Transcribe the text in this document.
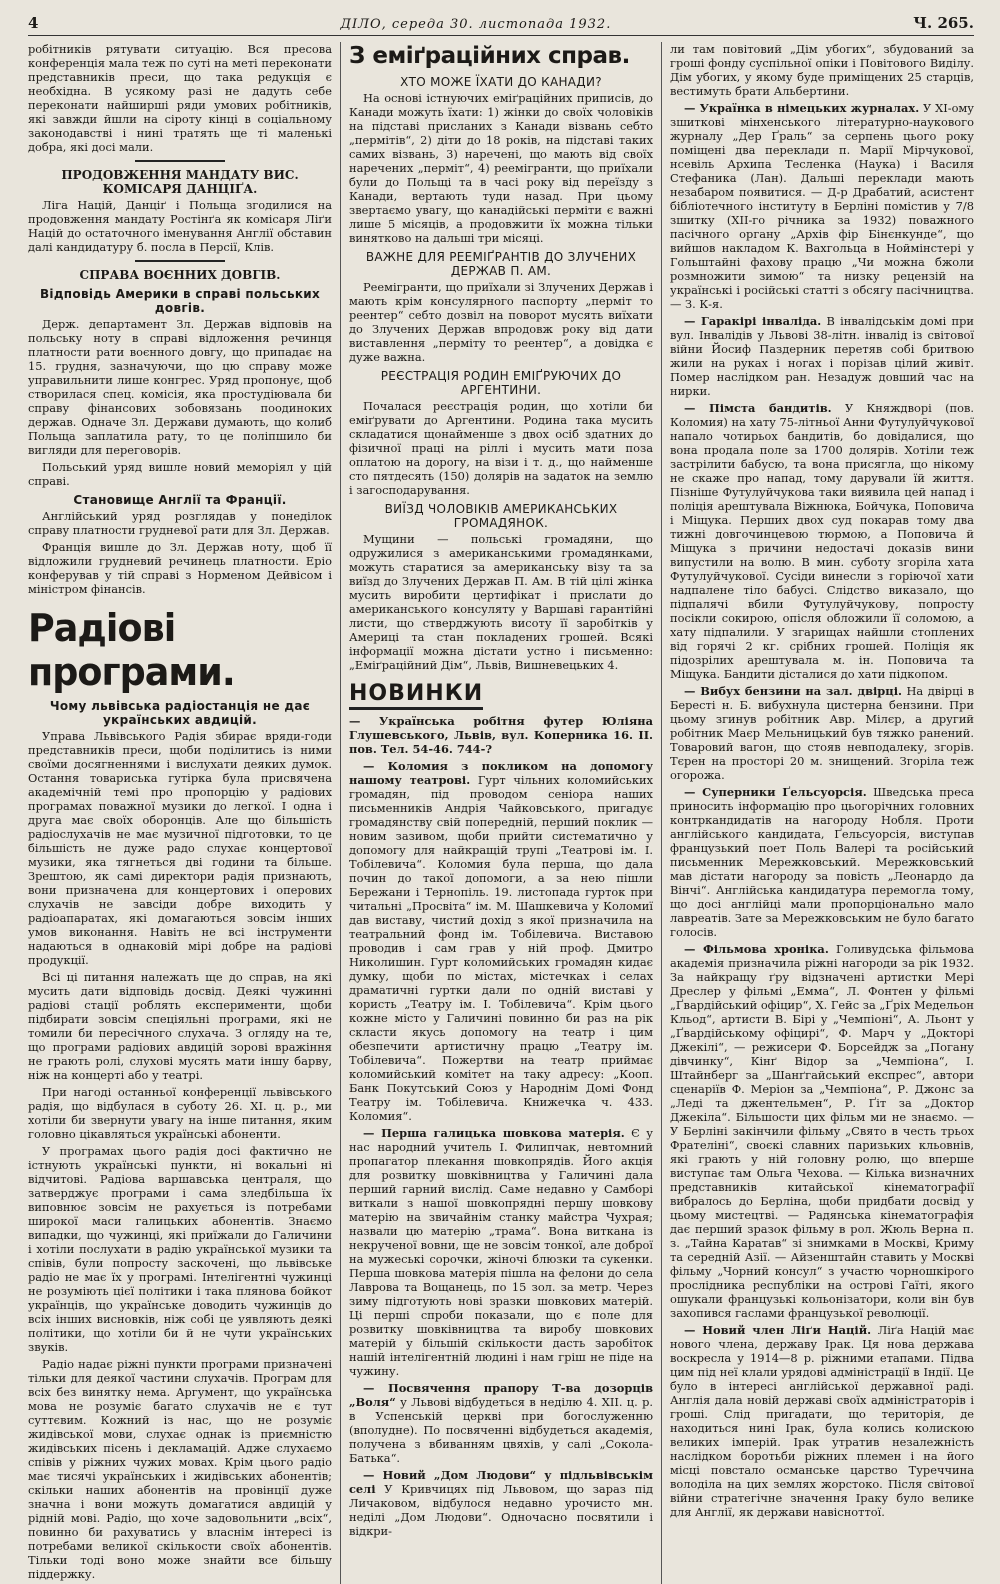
4	ДІЛО, середа 30. листопада 1932.	Ч. 265.

робітників рятувати ситуацію. Вся пресова конференція мала теж по суті на меті переконати представників преси, що така редукція є необхідна. В усякому разі не дадуть себе переконати найширші ряди умових робітників, які завжди йшли на сіроту кінці в соціальному законодавстві і нині тратять ще ті маленькі добра, які досі мали.

ПРОДОВЖЕННЯ МАНДАТУ ВИС. КОМІСАРЯ ДАНЦІҐА.

Ліга Націй, Данціґ і Польща згодилися на продовження мандату Ростінґа як комісаря Ліґи Націй до остаточного іменування Англії обставин далі кандидатуру б. посла в Персії, Клів.

СПРАВА ВОЄННИХ ДОВГІВ.
Відповідь Америки в справі польських довгів.

Держ. департамент Зл. Держав відповів на польську ноту в справі відложення речинця платности рати воєнного довгу, що припадає на 15. грудня, зазначуючи, що цю справу може управильнити лише конгрес. Уряд пропонує, щоб створилася спец. комісія, яка простудіювала би справу фінансових зобовязань поодиноких держав. Одначе Зл. Держави думають, що колиб Польща заплатила рату, то це поліпшило би вигляди для переговорів.

Польський уряд вишле новий меморіял у цій справі.

Становище Англії та Франції.

Англійський уряд розглядав у понеділок справу платности грудневої рати для Зл. Держав.

Франція вишле до Зл. Держав ноту, щоб її відложили грудневий речинець платности. Еріо конферував у тій справі з Норменом Дейвісом і міністром фінансів.

Радіові програми.
Чому львівська радіостанція не дає українських авдицій.

Управа Львівського Радія збирає вряди-годи представників преси, щоби поділитись із ними своїми досягненнями і вислухати деяких думок. Остання товариська гутірка була присвячена академічній темі про пропорцію у радіових програмах поважної музики до легкої. І одна і друга має своїх оборонців. Але що більшість радіослухачів не має музичної підготовки, то це більшість не дуже радо слухає концертової музики, яка тягнеться дві години та більше. Зрештою, як самі директори радія признають, вони призначена для концертових і оперових слухачів не завсіди добре виходить у радіоапаратах, які домагаються зовсім інших умов виконання. Навіть не всі інструменти надаються в однаковій мірі добре на радіові продукції.

Всі ці питання належать ще до справ, на які мусить дати відповідь досвід. Деякі чужинні радіові стації роблять експерименти, щоби підбирати зовсім спеціяльні програми, які не томили би пересічного слухача. З огляду на те, що програми радіових авдицій зорові вражіння не грають ролі, слухові мусять мати іншу барву, ніж на концерті або у театрі.

При нагоді останньої конференції львівського радія, що відбулася в суботу 26. XI. ц. р., ми хотіли би звернути увагу на інше питання, яким головно цікавляться українські абоненти.

У програмах цього радія досі фактично не істнують українські пункти, ні вокальні ні відчитові. Радіова варшавська централя, що затверджує програми і сама зледбільша їх виповнює зовсім не рахується із потребами широкої маси галицьких абонентів. Знаємо випадки, що чужинці, які приїжали до Галичини і хотіли послухати в радію української музики та співів, були попросту заскочені, що львівське радіо не має їх у програмі. Інтелігентні чужинці не розуміють цієї політики і така плянова бойкот українців, що українське доводить чужинців до всіх інших висновків, ніж собі це уявляють деякі політики, що хотіли би й не чути українських звуків.

Радіо надає ріжні пункти програми призначені тільки для деякої частини слухачів. Програм для всіх без винятку нема. Аргумент, що українська мова не розуміє багато слухачів не є тут суттєвим. Кожний із нас, що не розуміє жидівської мови, слухає однак із приємністю жидівських пісень і декламацій. Адже слухаємо співів у ріжних чужих мовах. Крім цього радіо має тисячі українських і жидівських абонентів; скільки наших абонентів на провінції дуже значна і вони можуть домагатися авдицій у рідній мові. Радіо, що хоче задовольнити „всіх“, повинно би рахуватись у власнім інтересі із потребами великої скількости своїх абонентів. Тільки тоді воно може знайти все більшу піддержку.

З еміґраційних справ.
ХТО МОЖЕ ЇХАТИ ДО КАНАДИ?

На основі істнуючих еміґраційних приписів, до Канади можуть їхати: 1) жінки до своїх чоловіків на підставі присланих з Канади візвань себто „пермітів“, 2) діти до 18 років, на підставі таких самих візвань, 3) наречені, що мають від своїх наречених „перміт“, 4) реемігранти, що приїхали були до Польщі та в часі року від переїзду з Канади, вертають туди назад. При цьому звертаємо увагу, що канадійські перміти є важні лише 5 місяців, а продовжити їх можна тільки винятково на дальші три місяці.

ВАЖНЕ ДЛЯ РЕЕМІҐРАНТІВ ДО ЗЛУЧЕНИХ ДЕРЖАВ П. АМ.

Реемігранти, що приїхали зі Злучених Держав і мають крім консулярного паспорту „перміт то реентер“ себто дозвіл на поворот мусять виїхати до Злучених Держав впродовж року від дати виставлення „перміту то реентер“, а довідка є дуже важна.

РЕЄСТРАЦІЯ РОДИН ЕМІҐРУЮЧИХ ДО АРГЕНТИНИ.

Почалася реєстрація родин, що хотіли би еміґрувати до Аргентини. Родина така мусить складатися щонайменше з двох осіб здатних до фізичної праці на ріллі і мусить мати поза оплатою на дорогу, на візи і т. д., що найменше сто пятдесять (150) долярів на задаток на землю і загосподарування.

ВИЇЗД ЧОЛОВІКІВ АМЕРИКАНСЬКИХ ГРОМАДЯНОК.

Мущини — польські громадяни, що одружилися з американськими громадянками, можуть старатися за американську візу та за виїзд до Злучених Держав П. Ам. В тій цілі жінка мусить виробити цертифікат і прислати до американського консуляту у Варшаві гарантійні листи, що стверджують висоту її заробітків у Америці та стан покладених грошей. Всякі інформації можна дістати устно і письменно: „Еміґраційний Дім“, Львів, Вишневецьких 4.

НОВИНКИ

— Українська робітня футер Юліяна Глушевського, Львів, вул. Коперника 16. II. пов. Тел. 54-46. 744-?

— Коломия з покликом на допомогу нашому театрові. Гурт чільних коломийських громадян, під проводом сеніора наших письменників Андрія Чайковського, пригадує громадянству свій попередній, перший поклик — новим зазивом, щоби прийти систематично у допомогу для найкращій трупі „Театрові ім. І. Тобілевича“. Коломия була перша, що дала почин до такої допомоги, а за нею пішли Бережани і Тернопіль. 19. листопада гурток при читальні „Просвіта“ ім. М. Шашкевича у Коломиї дав виставу, чистий дохід з якої призначила на театральний фонд ім. Тобілевича. Виставою проводив і сам грав у ній проф. Дмитро Николишин. Гурт коломийських громадян кидає думку, щоби по містах, містечках і селах драматичні гуртки дали по одній виставі у користь „Театру ім. І. Тобілевича“. Крім цього кожне місто у Галичині повинно би раз на рік скласти якусь допомогу на театр і цим обезпечити артистичну працю „Театру ім. Тобілевича“. Пожертви на театр приймає коломийський комітет на таку адресу: „Кооп. Банк Покутський Союз у Народнім Домі Фонд Театру ім. Тобілевича. Книжечка ч. 433. Коломия“.

— Перша галицька шовкова матерія. Є у нас народний учитель І. Филипчак, невтомний пропагатор плекання шовкопрядів. Його акція для розвитку шовківництва у Галичині дала перший гарний вислід. Саме недавно у Самборі виткали з нашої шовкопрядні першу шовкову матерію на звичайнім станку майстра Чухрая; назвали цю матерію „трама“. Вона виткана із некрученої вовни, ще не зовсім тонкої, але доброї на мужеські сорочки, жіночі блюзки та сукенки. Перша шовкова матерія пішла на фелони до села Лаврова та Вощанець, по 15 зол. за метр. Через зиму підготують нові зразки шовкових матерій. Ці перші спроби показали, що є поле для розвитку шовківництва та виробу шовкових матерій у більшій скількости дасть заробіток нашій інтелігентній людині і нам гріш не піде на чужину.

— Посвячення прапору Т-ва дозорців „Воля“ у Львові відбудеться в неділю 4. XII. ц. р. в Успенській церкві при богослуженню (вполудне). По посвяченні відбудеться академія, получена з вбиванням цвяхів, у салі „Сокола-Батька“.

— Новий „Дом Людови“ у підльвівськім селі У Кривчицях під Львовом, що зараз під Личаковом, відбулося недавно урочисто мн. неділі „Дом Людови“. Одночасно посвятили і відкри-

ли там повітовий „Дім убогих“, збудований за гроші фонду суспільної опіки і Повітового Виділу. Дім убогих, у якому буде приміщених 25 старців, вестимуть брати Альбертини.

— Українка в німецьких журналах. У XI-ому зшиткові мінхенського літературно-наукового журналу „Дер Ґраль“ за серпень цього року поміщені два переклади п. Марії Мірчукової, нсевіль Архипа Тесленка (Наука) і Василя Стефаника (Лан). Дальші переклади мають незабаром появитися. — Д-р Драбатий, асистент бібліотечного інституту в Берліні помістив у 7/8 зшитку (XII-го річника за 1932) поважного пасічного органу „Архів фір Бінєнкунде“, що вийшов накладом К. Вахгольца в Ноймінстері у Гольштайні фахову працю „Чи можна бжоли розмножити зимою“ та низку рецензій на українські і російські статті з обсягу пасічництва. — З. К-я.

— Гаракірі інваліда. В інвалідськім домі при вул. Інвалідів у Львові 38-літн. інвалід із світової війни Йосиф Паздерник перетяв собі бритвою жили на руках і ногах і порізав цілий живіт. Помер наслідком ран. Незадуж довший час на нирки.

— Пімста бандитів. У Княждворі (пов. Коломия) на хату 75-літньої Анни Футулуйчукової напало чотирьох бандитів, бо довідалися, що вона продала поле за 1700 долярів. Хотіли теж застрілити бабусю, та вона присягла, що нікому не скаже про напад, тому дарували їй життя. Пізніше Футулуйчукова таки виявила цей напад і поліція арештувала Віжнюка, Бойчука, Поповича і Міщука. Перших двох суд покарав тому два тижні довгочинцевою тюрмою, а Поповича й Міщука з причини недостачі доказів вини випустили на волю. В мин. суботу згоріла хата Футулуйчукової. Сусіди винесли з горіючої хати надпалене тіло бабусі. Слідство виказало, що підпалячі вбили Футулуйчукову, попросту посікли сокирою, опісля обложили її соломою, а хату підпалили. У згарищах найшли стоплених від горячі 2 кг. срібних грошей. Поліція як підозрілих арештувала м. ін. Поповича та Міщука. Бандити дісталися до хати підкопом.

— Вибух бензини на зал. двірці. На двірці в Бересті н. Б. вибухнула цистерна бензини. При цьому згинув робітник Авр. Мілєр, а другий робітник Маєр Мельницький був тяжко ранений. Товаровий вагон, що стояв невподалеку, згорів. Тєрен на просторі 20 м. знищений. Згоріла теж огорожа.

— Суперники Ґельсуорсія. Шведська преса приносить інформацію про цьогорічних головних контркандидатів на нагороду Нобля. Проти англійського кандидата, Ґельсуорсія, виступав французький поет Поль Валері та російський письменник Мережковський. Мережковський мав дістати нагороду за повість „Леонардо да Вінчі“. Англійська кандидатура перемогла тому, що досі англійці мали пропорціонально мало лавреатів. Зате за Мережковським не було багато голосів.

— Фільмова хроніка. Голивудська фільмова академія призначила ріжні нагороди за рік 1932. За найкращу ґру відзначені артистки Мері Дреслер у фільмі „Емма“, Л. Фонтен у фільмі „Ґвардійський офіцир“, Х. Гейс за „Ґріх Медельон Кльод“, артисти В. Бірі у „Чемпіоні“, А. Льонт у „Ґвардійському офіцирі“, Ф. Марч у „Докторі Джекілі“, — режисери Ф. Борсейдж за „Погану дівчинку“, Кінґ Відор за „Чемпіона“, І. Штайнберг за „Шанґгайський експрес“, автори сценаріїв Ф. Меріон за „Чемпіона“, Р. Джонс за „Леді та джентельмен“, Р. Ґіт за „Доктор Джекіла“. Більшости цих фільм ми не знаємо. — У Берліні закінчили фільму „Свято в честь трьох Фрателіні“, своєкі славних паризьких кльовнів, які грають у ній головну ролю, що вперше виступає там Ольга Чехова. — Кілька визначних представників китайської кінематографії вибралось до Берліна, щоби придбати досвід у цьому мистецтві. — Радянська кінематографія дає перший зразок фільму в рол. Жюль Верна п. з. „Тайна Каратав“ зі знимками в Москві, Криму та середній Азії. — Айзенштайн ставить у Москві фільму „Чорний консул“ з участю чорношкірого прослідника республіки на острові Гаїті, якого ошукали французькі кольонізатори, коли він був захопився гаслами французької революції.

— Новий член Ліґи Націй. Ліґа Націй має нового члена, державу Ірак. Ця нова держава воскресла у 1914—8 р. ріжними етапами. Підва цим під неї клали урядові адміністрації в Індії. Це було в інтересі англійської державної раді. Англія дала новій державі своїх адміністраторів і гроші. Слід пригадати, що територія, де находиться нині Ірак, була колись колискою великих імперій. Ірак утратив незалежність наслідком боротьби ріжних племен і на його місці повстало османське царство Туреччина володіла на цих землях жорстоко. Після світової війни стратегічне значення Іраку було велике для Англії, як держави навісноттої.
